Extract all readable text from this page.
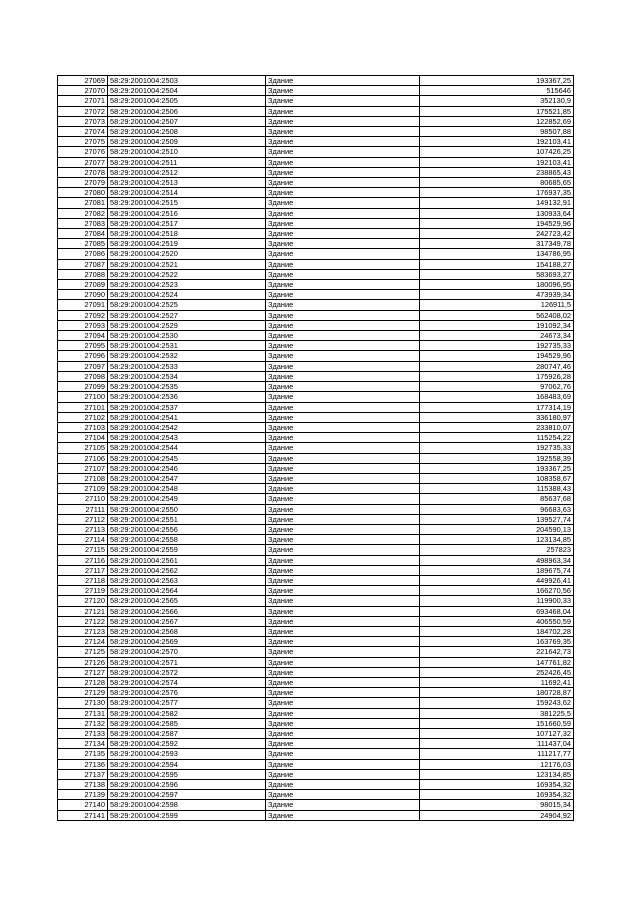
27069	58:29:2001004:2503	Здание	193367,25
27070	58:29:2001004:2504	Здание	515646
27071	58:29:2001004:2505	Здание	352130,9
27072	58:29:2001004:2506	Здание	175521,85
27073	58:29:2001004:2507	Здание	122852,69
27074	58:29:2001004:2508	Здание	98507,88
27075	58:29:2001004:2509	Здание	192103,41
27076	58:29:2001004:2510	Здание	107426,25
27077	58:29:2001004:2511	Здание	192103,41
27078	58:29:2001004:2512	Здание	238865,43
27079	58:29:2001004:2513	Здание	80685,65
27080	58:29:2001004:2514	Здание	176937,35
27081	58:29:2001004:2515	Здание	149132,91
27082	58:29:2001004:2516	Здание	130933,64
27083	58:29:2001004:2517	Здание	194529,96
27084	58:29:2001004:2518	Здание	242723,42
27085	58:29:2001004:2519	Здание	317349,78
27086	58:29:2001004:2520	Здание	134786,95
27087	58:29:2001004:2521	Здание	154188,27
27088	58:29:2001004:2522	Здание	583693,27
27089	58:29:2001004:2523	Здание	180096,95
27090	58:29:2001004:2524	Здание	473939,34
27091	58:29:2001004:2525	Здание	126911,5
27092	58:29:2001004:2527	Здание	562408,02
27093	58:29:2001004:2529	Здание	191092,34
27094	58:29:2001004:2530	Здание	24673,34
27095	58:29:2001004:2531	Здание	192735,33
27096	58:29:2001004:2532	Здание	194529,96
27097	58:29:2001004:2533	Здание	280747,46
27098	58:29:2001004:2534	Здание	175926,28
27099	58:29:2001004:2535	Здание	97062,76
27100	58:29:2001004:2536	Здание	168483,69
27101	58:29:2001004:2537	Здание	177314,19
27102	58:29:2001004:2541	Здание	336180,97
27103	58:29:2001004:2542	Здание	233810,07
27104	58:29:2001004:2543	Здание	115254,22
27105	58:29:2001004:2544	Здание	192735,33
27106	58:29:2001004:2545	Здание	192558,39
27107	58:29:2001004:2546	Здание	193367,25
27108	58:29:2001004:2547	Здание	108358,67
27109	58:29:2001004:2548	Здание	115388,43
27110	58:29:2001004:2549	Здание	85637,68
27111	58:29:2001004:2550	Здание	96683,63
27112	58:29:2001004:2551	Здание	139527,74
27113	58:29:2001004:2556	Здание	204590,13
27114	58:29:2001004:2558	Здание	123134,85
27115	58:29:2001004:2559	Здание	257823
27116	58:29:2001004:2561	Здание	498963,34
27117	58:29:2001004:2562	Здание	189675,74
27118	58:29:2001004:2563	Здание	449926,41
27119	58:29:2001004:2564	Здание	166270,56
27120	58:29:2001004:2565	Здание	119900,33
27121	58:29:2001004:2566	Здание	693468,04
27122	58:29:2001004:2567	Здание	406550,59
27123	58:29:2001004:2568	Здание	184702,28
27124	58:29:2001004:2569	Здание	163769,35
27125	58:29:2001004:2570	Здание	221642,73
27126	58:29:2001004:2571	Здание	147761,82
27127	58:29:2001004:2572	Здание	252426,45
27128	58:29:2001004:2574	Здание	11692,41
27129	58:29:2001004:2576	Здание	180728,87
27130	58:29:2001004:2577	Здание	159243,62
27131	58:29:2001004:2582	Здание	381225,5
27132	58:29:2001004:2585	Здание	151660,59
27133	58:29:2001004:2587	Здание	107127,32
27134	58:29:2001004:2592	Здание	111437,04
27135	58:29:2001004:2593	Здание	111217,77
27136	58:29:2001004:2594	Здание	12176,03
27137	58:29:2001004:2595	Здание	123134,85
27138	58:29:2001004:2596	Здание	169354,32
27139	58:29:2001004:2597	Здание	169354,32
27140	58:29:2001004:2598	Здание	98015,34
27141	58:29:2001004:2599	Здание	24904,92
